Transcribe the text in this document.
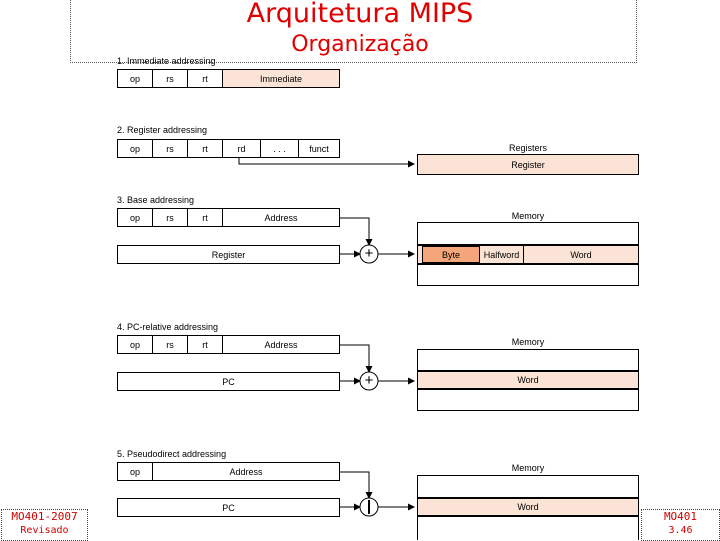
Arquitetura MIPS
Organização
1. Immediate addressing
op	rs	rt	Immediate
2. Register addressing
op	rs	rt	rd	. . .	funct	Registers
Register
3. Base addressing
op	rs	rt	Address
Register
Memory
Byte	Halfword	Word
4. PC-relative addressing
op	rs	rt	Address
PC
Memory
Word
5. Pseudodirect addressing
op	Address
PC
Memory
Word
+
+
MO401-2007
Revisado
MO401
3.46
